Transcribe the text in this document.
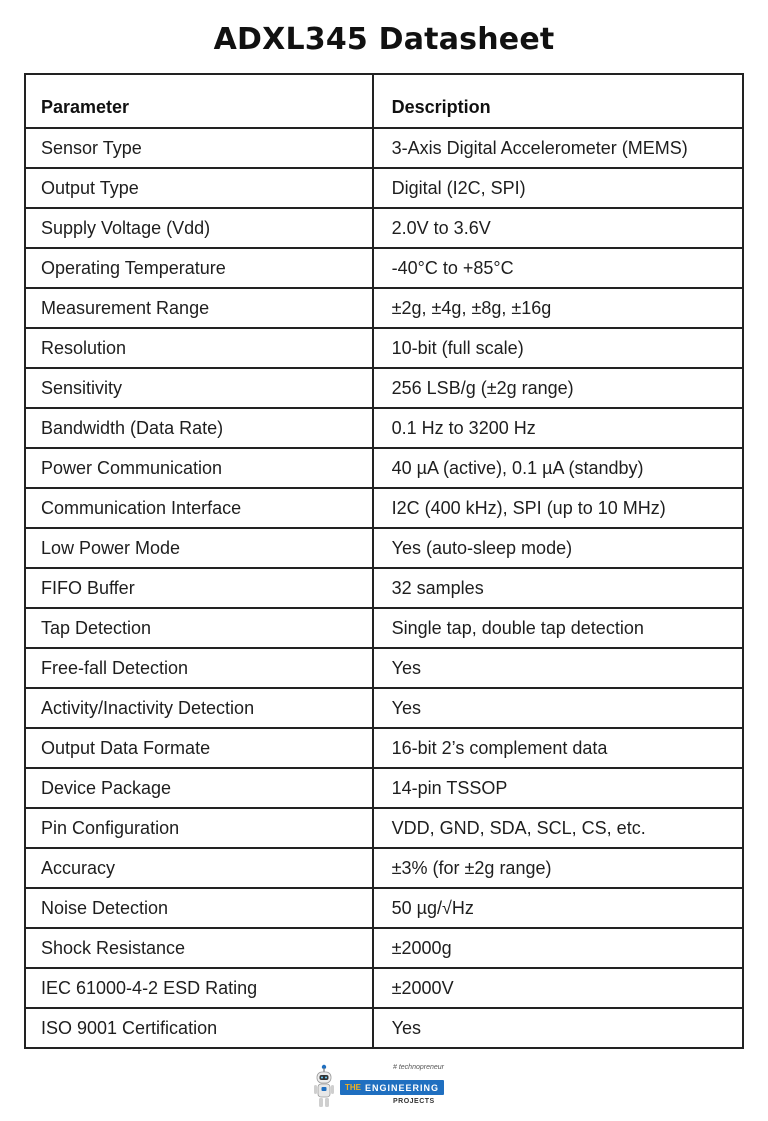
ADXL345 Datasheet
Parameter	Description
Sensor Type	3-Axis Digital Accelerometer (MEMS)
Output Type	Digital (I2C, SPI)
Supply Voltage (Vdd)	2.0V to 3.6V
Operating Temperature	-40°C to +85°C
Measurement Range	±2g, ±4g, ±8g, ±16g
Resolution	10-bit (full scale)
Sensitivity	256 LSB/g (±2g range)
Bandwidth (Data Rate)	0.1 Hz to 3200 Hz
Power Communication	40 µA (active), 0.1 µA (standby)
Communication Interface	I2C (400 kHz), SPI (up to 10 MHz)
Low Power Mode	Yes (auto-sleep mode)
FIFO Buffer	32 samples
Tap Detection	Single tap, double tap detection
Free-fall Detection	Yes
Activity/Inactivity Detection	Yes
Output Data Formate	16-bit 2’s complement data
Device Package	14-pin TSSOP
Pin Configuration	VDD, GND, SDA, SCL, CS, etc.
Accuracy	±3% (for ±2g range)
Noise Detection	50 µg/√Hz
Shock Resistance	±2000g
IEC 61000-4-2 ESD Rating	±2000V
ISO 9001 Certification	Yes
# technopreneur
THE ENGINEERING
PROJECTS
